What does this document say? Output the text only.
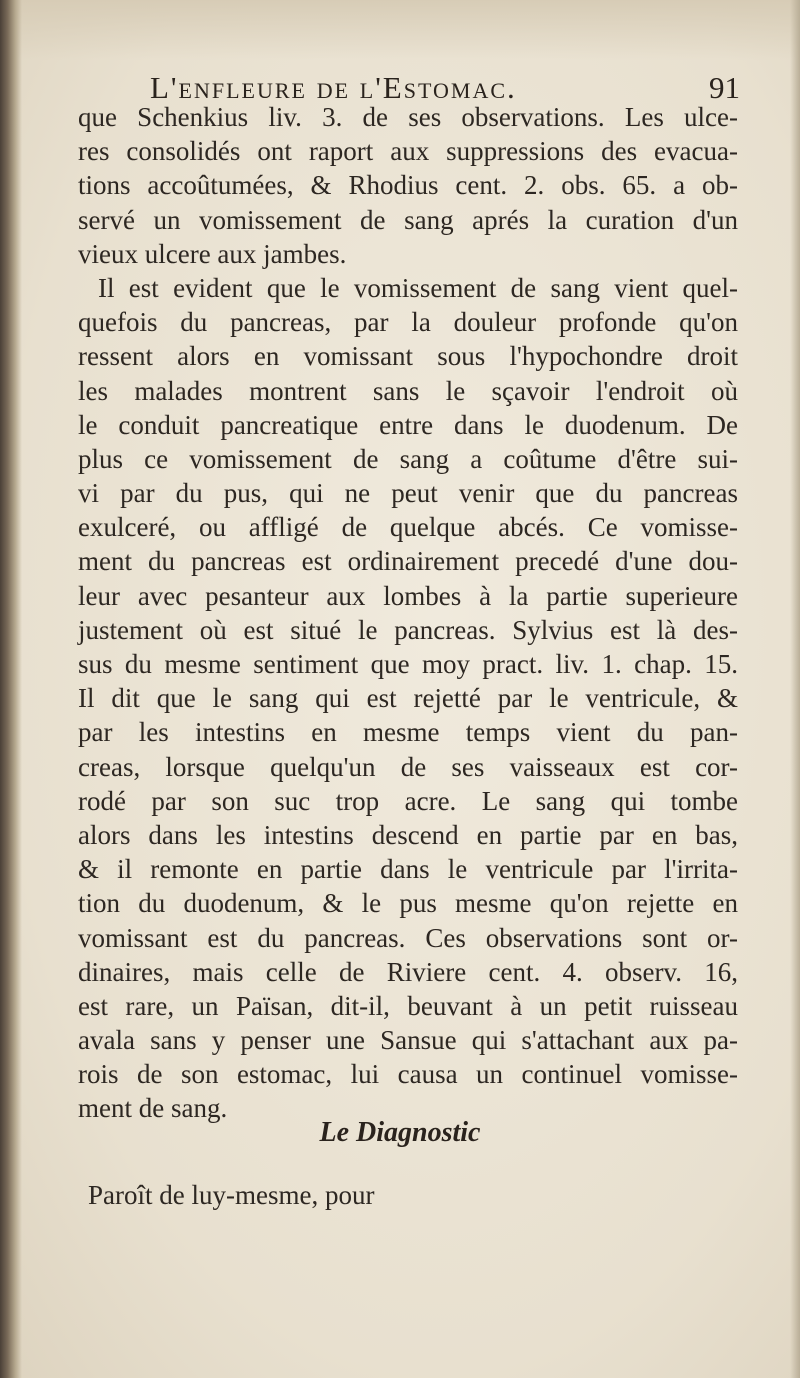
L'enfleure de l'Estomac.	91
que Schenkius liv. 3. de ses observations. Les ulce-
res consolidés ont raport aux suppressions des evacua-
tions accoûtumées, & Rhodius cent. 2. obs. 65. a ob-
servé un vomissement de sang aprés la curation d'un
vieux ulcere aux jambes.
Il est evident que le vomissement de sang vient quel-
quefois du pancreas, par la douleur profonde qu'on
ressent alors en vomissant sous l'hypochondre droit
les malades montrent sans le sçavoir l'endroit où
le conduit pancreatique entre dans le duodenum. De
plus ce vomissement de sang a coûtume d'être sui-
vi par du pus, qui ne peut venir que du pancreas
exulceré, ou affligé de quelque abcés. Ce vomisse-
ment du pancreas est ordinairement precedé d'une dou-
leur avec pesanteur aux lombes à la partie superieure
justement où est situé le pancreas. Sylvius est là des-
sus du mesme sentiment que moy pract. liv. 1. chap. 15.
Il dit que le sang qui est rejetté par le ventricule, &
par les intestins en mesme temps vient du pan-
creas, lorsque quelqu'un de ses vaisseaux est cor-
rodé par son suc trop acre. Le sang qui tombe
alors dans les intestins descend en partie par en bas,
& il remonte en partie dans le ventricule par l'irrita-
tion du duodenum, & le pus mesme qu'on rejette en
vomissant est du pancreas. Ces observations sont or-
dinaires, mais celle de Riviere cent. 4. observ. 16,
est rare, un Païsan, dit-il, beuvant à un petit ruisseau
avala sans y penser une Sansue qui s'attachant aux pa-
rois de son estomac, lui causa un continuel vomisse-
ment de sang.
Le Diagnostic
Paroît de luy-mesme, pour
